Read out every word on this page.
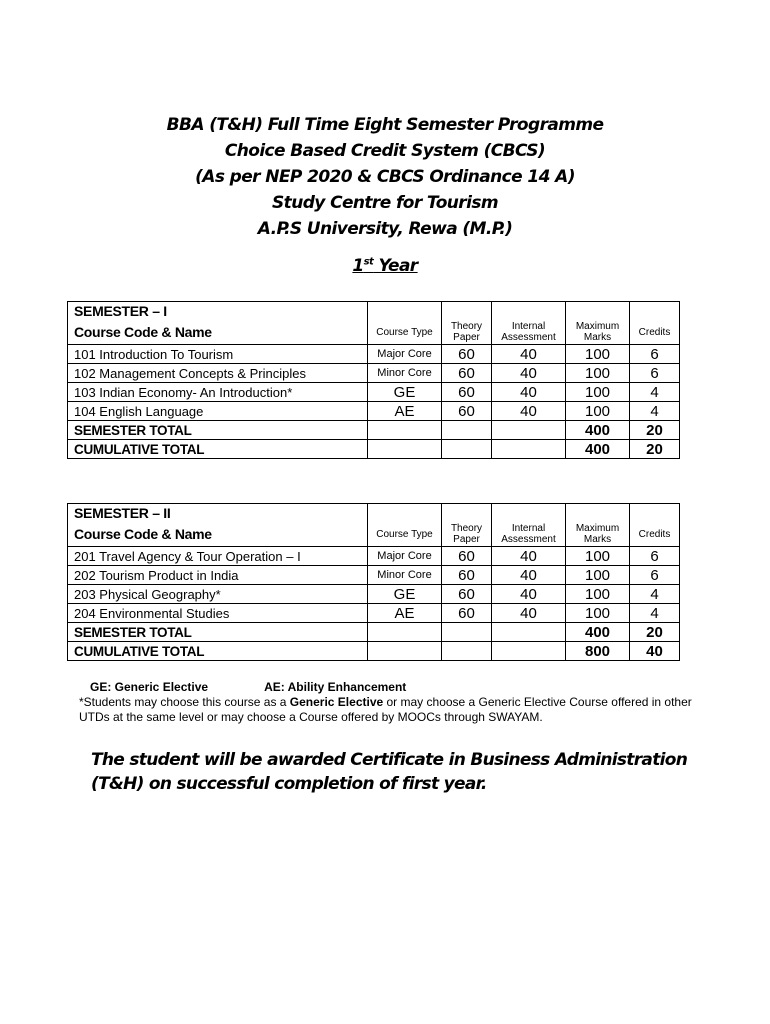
BBA (T&H) Full Time Eight Semester Programme
Choice Based Credit System (CBCS)
(As per NEP 2020 & CBCS Ordinance 14 A)
Study Centre for Tourism
A.P.S University, Rewa (M.P.)
1st Year
SEMESTER – I					
Course Code & Name	Course Type	Theory Paper	Internal Assessment	Maximum Marks	Credits
101 Introduction To Tourism	Major Core	60	40	100	6
102 Management Concepts & Principles	Minor Core	60	40	100	6
103 Indian Economy- An Introduction*	GE	60	40	100	4
104 English Language	AE	60	40	100	4
SEMESTER TOTAL				400	20
CUMULATIVE TOTAL				400	20
SEMESTER – II					
Course Code & Name	Course Type	Theory Paper	Internal Assessment	Maximum Marks	Credits
201 Travel Agency & Tour Operation – I	Major Core	60	40	100	6
202 Tourism Product in India	Minor Core	60	40	100	6
203 Physical Geography*	GE	60	40	100	4
204 Environmental Studies	AE	60	40	100	4
SEMESTER TOTAL				400	20
CUMULATIVE TOTAL				800	40
GE: Generic Elective	AE: Ability Enhancement
*Students may choose this course as a Generic Elective or may choose a Generic Elective Course offered in other UTDs at the same level or may choose a Course offered by MOOCs through SWAYAM.
The student will be awarded Certificate in Business Administration (T&H) on successful completion of first year.
